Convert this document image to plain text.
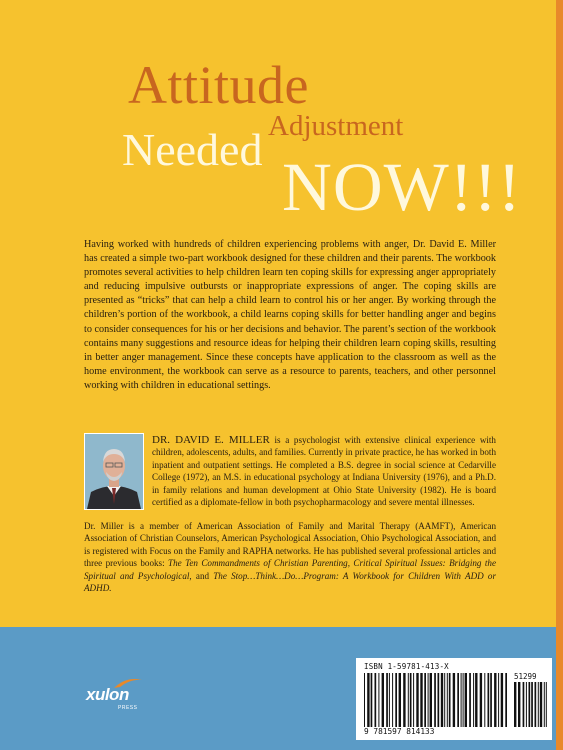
Attitude
Adjustment
Needed NOW!!!

Having worked with hundreds of children experiencing problems with anger, Dr. David E. Miller has created a simple two-part workbook designed for these children and their parents. The workbook promotes several activities to help children learn ten coping skills for expressing anger appropriately and reducing impulsive outbursts or inappropriate expressions of anger. The coping skills are presented as “tricks” that can help a child learn to control his or her anger. By working through the children’s portion of the workbook, a child learns coping skills for better handling anger and begins to consider consequences for his or her decisions and behavior. The parent’s section of the workbook contains many suggestions and resource ideas for helping their children learn coping skills, resulting in better anger management. Since these concepts have application to the classroom as well as the home environment, the workbook can serve as a resource to parents, teachers, and other personnel working with children in educational settings.

DR. DAVID E. MILLER is a psychologist with extensive clinical experience with children, adolescents, adults, and families. Currently in private practice, he has worked in both inpatient and outpatient settings. He completed a B.S. degree in social science at Cedarville College (1972), an M.S. in educational psychology at Indiana University (1976), and a Ph.D. in family relations and human development at Ohio State University (1982). He is board certified as a diplomate-fellow in both psychopharmacology and severe mental illnesses.

Dr. Miller is a member of American Association of Family and Marital Therapy (AAMFT), American Association of Christian Counselors, American Psychological Association, Ohio Psychological Association, and is registered with Focus on the Family and RAPHA networks. He has published several professional articles and three previous books: The Ten Commandments of Christian Parenting, Critical Spiritual Issues: Bridging the Spiritual and Psychological, and The Stop…Think…Do…Program: A Workbook for Children With ADD or ADHD.

xulon
PRESS
ISBN 1-59781-413-X
51299
9 781597 814133
